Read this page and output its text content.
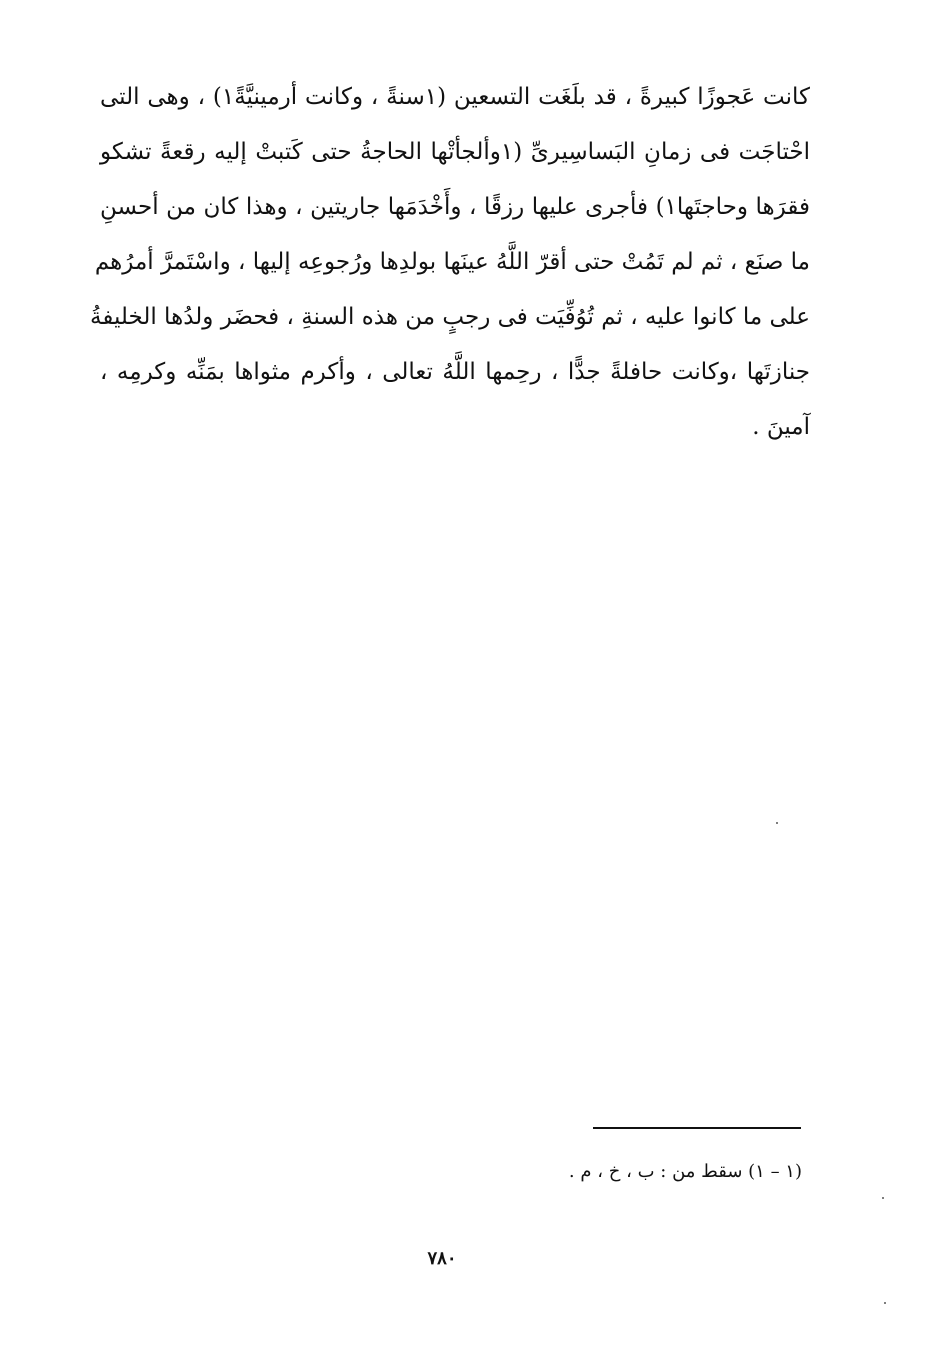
كانت عَجوزًا كبيرةً ، قد بلَغَت التسعين (١سنةً ، وكانت أرمينيَّةً١) ، وهى التى
احْتاجَت فى زمانِ البَساسِيرىِّ (١وألجأتْها الحاجةُ حتى كَتبتْ إليه رقعةً تشكو
فقرَها وحاجتَها١) فأجرى عليها رزقًا ، وأَخْدَمَها جاريتين ، وهذا كان من أحسنِ
ما صنَع ، ثم لم تَمُتْ حتى أقرّ اللَّهُ عينَها بولدِها ورُجوعِه إليها ، واسْتَمرَّ أمرُهم
على ما كانوا عليه ، ثم تُوُفِّيَت فى رجبٍ من هذه السنةِ ، فحضَر ولدُها الخليفةُ
جنازتَها ،وكانت حافلةً جدًّا ، رحِمها اللَّهُ تعالى ، وأكرم مثواها بمَنِّه وكرمِه ،
آمينَ .
(١ – ١) سقط من : ب ، خ ، م .
٧٨٠
